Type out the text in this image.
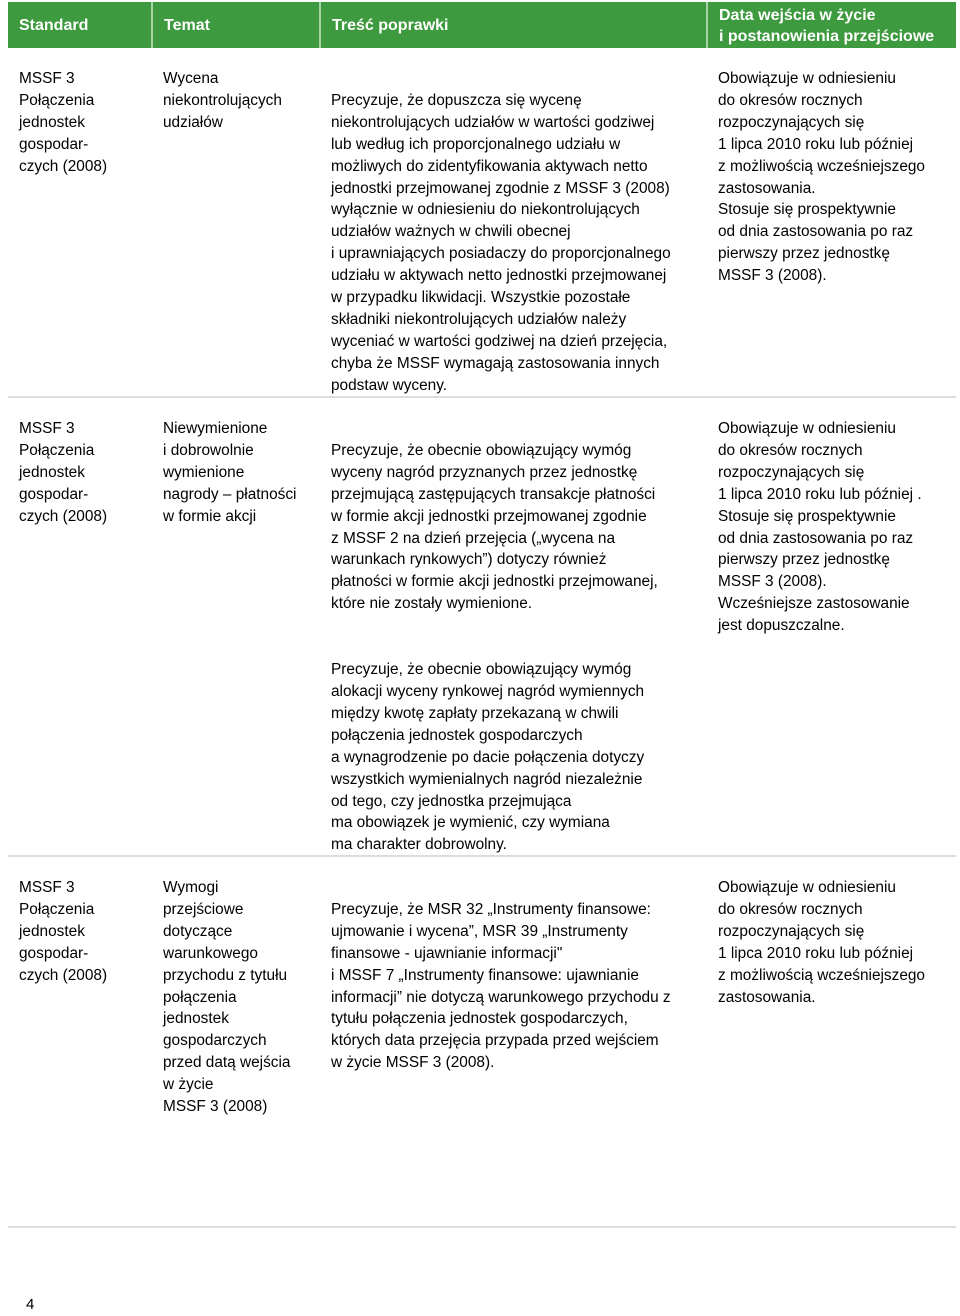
Standard	Temat	Treść poprawki
Data wejścia w życie
i postanowienia przejściowe
MSSF 3
Połączenia
jednostek
gospodar-
czych (2008)
Wycena
niekontrolujących
udziałów

Precyzuje, że dopuszcza się wycenę
niekontrolujących udziałów w wartości godziwej
lub według ich proporcjonalnego udziału w
możliwych do zidentyfikowania aktywach netto
jednostki przejmowanej zgodnie z MSSF 3 (2008)
wyłącznie w odniesieniu do niekontrolujących
udziałów ważnych w chwili obecnej
i uprawniających posiadaczy do proporcjonalnego
udziału w aktywach netto jednostki przejmowanej
w przypadku likwidacji. Wszystkie pozostałe
składniki niekontrolujących udziałów należy
wyceniać w wartości godziwej na dzień przejęcia,
chyba że MSSF wymagają zastosowania innych
podstaw wyceny.

Obowiązuje w odniesieniu
do okresów rocznych
rozpoczynających się
1 lipca 2010 roku lub później
z możliwością wcześniejszego
zastosowania.
Stosuje się prospektywnie
od dnia zastosowania po raz
pierwszy przez jednostkę
MSSF 3 (2008).
MSSF 3
Połączenia
jednostek
gospodar-
czych (2008)
Niewymienione
i dobrowolnie
wymienione
nagrody – płatności
w formie akcji

Precyzuje, że obecnie obowiązujący wymóg
wyceny nagród przyznanych przez jednostkę
przejmującą zastępujących transakcje płatności
w formie akcji jednostki przejmowanej zgodnie
z MSSF 2 na dzień przejęcia („wycena na
warunkach rynkowych”) dotyczy również
płatności w formie akcji jednostki przejmowanej,
które nie zostały wymienione.

Precyzuje, że obecnie obowiązujący wymóg
alokacji wyceny rynkowej nagród wymiennych
między kwotę zapłaty przekazaną w chwili
połączenia jednostek gospodarczych
a wynagrodzenie po dacie połączenia dotyczy
wszystkich wymienialnych nagród niezależnie
od tego, czy jednostka przejmująca
ma obowiązek je wymienić, czy wymiana
ma charakter dobrowolny.

Obowiązuje w odniesieniu
do okresów rocznych
rozpoczynających się
1 lipca 2010 roku lub później .
Stosuje się prospektywnie
od dnia zastosowania po raz
pierwszy przez jednostkę
MSSF 3 (2008).
Wcześniejsze zastosowanie
jest dopuszczalne.
MSSF 3
Połączenia
jednostek
gospodar-
czych (2008)
Wymogi
przejściowe
dotyczące
warunkowego
przychodu z tytułu
połączenia
jednostek
gospodarczych
przed datą wejścia
w życie
MSSF 3 (2008)

Precyzuje, że MSR 32 „Instrumenty finansowe:
ujmowanie i wycena”, MSR 39 „Instrumenty
finansowe - ujawnianie informacji"
i MSSF 7 „Instrumenty finansowe: ujawnianie
informacji” nie dotyczą warunkowego przychodu z
tytułu połączenia jednostek gospodarczych,
których data przejęcia przypada przed wejściem
w życie MSSF 3 (2008).

Obowiązuje w odniesieniu
do okresów rocznych
rozpoczynających się
1 lipca 2010 roku lub później
z możliwością wcześniejszego
zastosowania.
4
